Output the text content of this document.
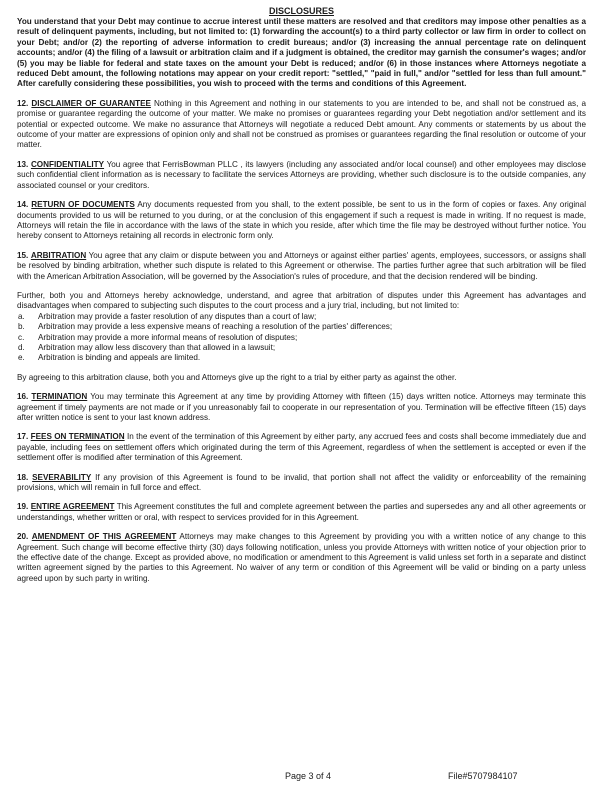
DISCLOSURES

You understand that your Debt may continue to accrue interest until these matters are resolved and that creditors may impose other penalties as a result of delinquent payments, including, but not limited to: (1) forwarding the account(s) to a third party collector or law firm in order to collect on your Debt; and/or (2) the reporting of adverse information to credit bureaus; and/or (3) increasing the annual percentage rate on delinquent accounts; and/or (4) the filing of a lawsuit or arbitration claim and if a judgment is obtained, the creditor may garnish the consumer's wages; and/or (5) you may be liable for federal and state taxes on the amount your Debt is reduced; and/or (6) in those instances where Attorneys negotiate a reduced Debt amount, the following notations may appear on your credit report: "settled," "paid in full," and/or "settled for less than full amount." After carefully considering these possibilities, you wish to proceed with the terms and conditions of this Agreement.

12. DISCLAIMER OF GUARANTEE Nothing in this Agreement and nothing in our statements to you are intended to be, and shall not be construed as, a promise or guarantee regarding the outcome of your matter. We make no promises or guarantees regarding your Debt negotiation and/or settlement and its potential or expected outcome. We make no assurance that Attorneys will negotiate a reduced Debt amount. Any comments or statements by us about the outcome of your matter are expressions of opinion only and shall not be construed as promises or guarantees regarding the final resolution or outcome of your matter.

13. CONFIDENTIALITY You agree that FerrisBowman PLLC , its lawyers (including any associated and/or local counsel) and other employees may disclose such confidential client information as is necessary to facilitate the services Attorneys are providing, whether such disclosure is to the outside companies, any associated counsel or your creditors.

14. RETURN OF DOCUMENTS Any documents requested from you shall, to the extent possible, be sent to us in the form of copies or faxes. Any original documents provided to us will be returned to you during, or at the conclusion of this engagement if such a request is made in writing. If no request is made, Attorneys will retain the file in accordance with the laws of the state in which you reside, after which time the file may be destroyed without further notice. You hereby consent to Attorneys retaining all records in electronic form only.

15. ARBITRATION You agree that any claim or dispute between you and Attorneys or against either parties' agents, employees, successors, or assigns shall be resolved by binding arbitration, whether such dispute is related to this Agreement or otherwise. The parties further agree that such arbitration will be filed with the American Arbitration Association, will be governed by the Association's rules of procedure, and that the decision rendered will be binding.

Further, both you and Attorneys hereby acknowledge, understand, and agree that arbitration of disputes under this Agreement has advantages and disadvantages when compared to subjecting such disputes to the court process and a jury trial, including, but not limited to:

a.	Arbitration may provide a faster resolution of any disputes than a court of law;
b.	Arbitration may provide a less expensive means of reaching a resolution of the parties' differences;
c.	Arbitration may provide a more informal means of resolution of disputes;
d.	Arbitration may allow less discovery than that allowed in a lawsuit;
e.	Arbitration is binding and appeals are limited.

By agreeing to this arbitration clause, both you and Attorneys give up the right to a trial by either party as against the other.

16. TERMINATION You may terminate this Agreement at any time by providing Attorney with fifteen (15) days written notice. Attorneys may terminate this agreement if timely payments are not made or if you unreasonably fail to cooperate in our representation of you. Termination will be effective fifteen (15) days after written notice is sent to your last known address.

17. FEES ON TERMINATION In the event of the termination of this Agreement by either party, any accrued fees and costs shall become immediately due and payable, including fees on settlement offers which originated during the term of this Agreement, regardless of when the settlement is accepted or even if the settlement offer is modified after termination of this Agreement.

18. SEVERABILITY If any provision of this Agreement is found to be invalid, that portion shall not affect the validity or enforceability of the remaining provisions, which will remain in full force and effect.

19. ENTIRE AGREEMENT This Agreement constitutes the full and complete agreement between the parties and supersedes any and all other agreements or understandings, whether written or oral, with respect to services provided for in this Agreement.

20. AMENDMENT OF THIS AGREEMENT Attorneys may make changes to this Agreement by providing you with a written notice of any change to this Agreement. Such change will become effective thirty (30) days following notification, unless you provide Attorneys with written notice of your objection prior to the effective date of the change. Except as provided above, no modification or amendment to this Agreement is valid unless set forth in a separate and distinct written agreement signed by the parties to this Agreement. No waiver of any term or condition of this Agreement will be valid or binding on a party unless agreed upon by such party in writing.

Page 3 of 4	File#5707984107
